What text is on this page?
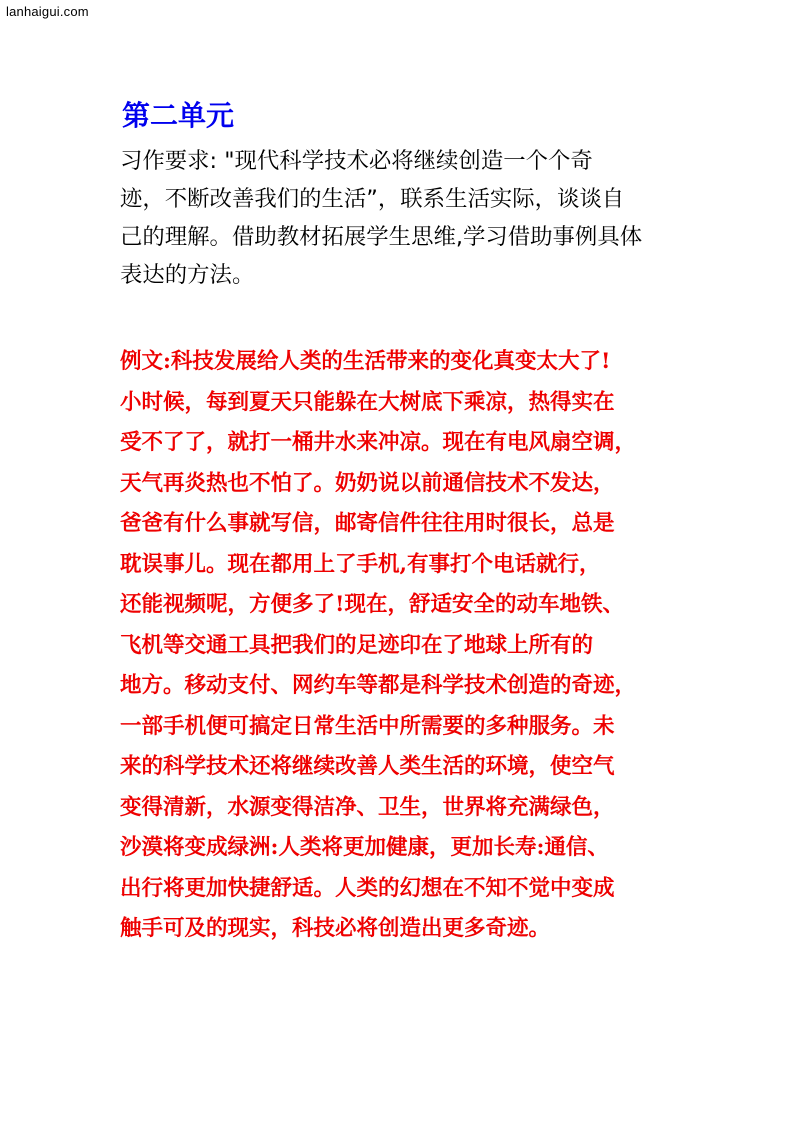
lanhaigui.com
第二单元
习作要求: "现代科学技术必将继续创造一个个奇
迹，不断改善我们的生活”，联系生活实际，谈谈自
己的理解。借助教材拓展学生思维,学习借助事例具体
表达的方法。
例文:科技发展给人类的生活带来的变化真变太大了!
小时候，每到夏天只能躲在大树底下乘凉，热得实在
受不了了，就打一桶井水来冲凉。现在有电风扇空调，
天气再炎热也不怕了。奶奶说以前通信技术不发达，
爸爸有什么事就写信，邮寄信件往往用时很长，总是
耽误事儿。现在都用上了手机,有事打个电话就行，
还能视频呢，方便多了!现在，舒适安全的动车地铁、
飞机等交通工具把我们的足迹印在了地球上所有的
地方。移动支付、网约车等都是科学技术创造的奇迹，
一部手机便可搞定日常生活中所需要的多种服务。未
来的科学技术还将继续改善人类生活的环境，使空气
变得清新，水源变得洁净、卫生，世界将充满绿色，
沙漠将变成绿洲:人类将更加健康，更加长寿:通信、
出行将更加快捷舒适。人类的幻想在不知不觉中变成
触手可及的现实，科技必将创造出更多奇迹。
